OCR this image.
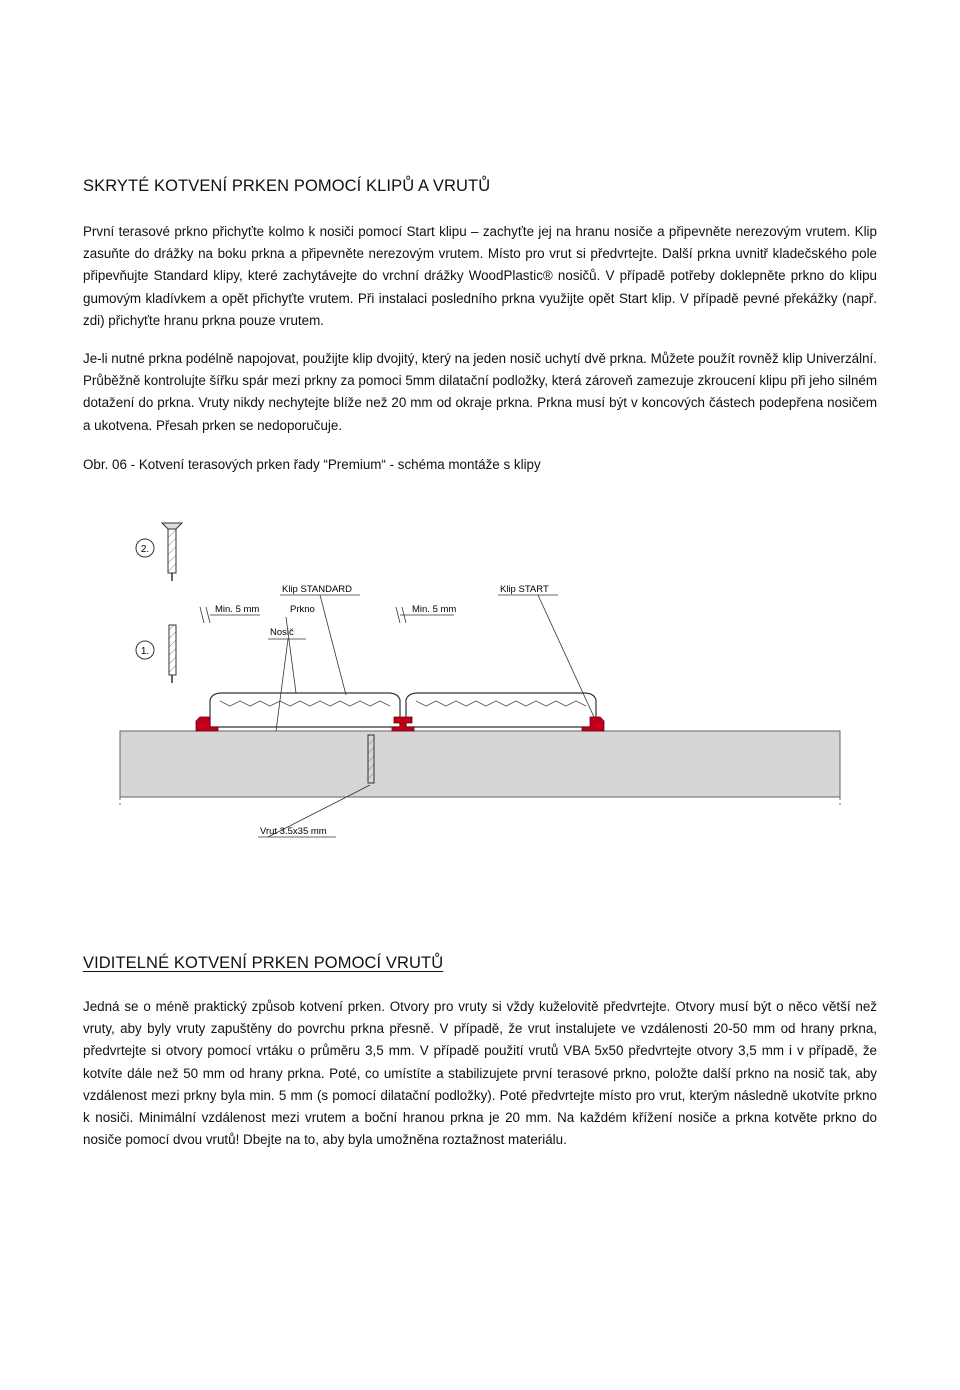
SKRYTÉ KOTVENÍ PRKEN POMOCÍ KLIPŮ A VRUTŮ

První terasové prkno přichyťte kolmo k nosiči pomocí Start klipu – zachyťte jej na hranu nosiče a připevněte nerezovým vrutem. Klip zasuňte do drážky na boku prkna a připevněte nerezovým vrutem. Místo pro vrut si předvrtejte. Další prkna uvnitř kladečského pole připevňujte Standard klipy, které zachytávejte do vrchní drážky WoodPlastic® nosičů. V případě potřeby doklepněte prkno do klipu gumovým kladívkem a opět přichyťte vrutem. Při instalaci posledního prkna využijte opět Start klip. V případě pevné překážky (např. zdi) přichyťte hranu prkna pouze vrutem.

Je-li nutné prkna podélně napojovat, použijte klip dvojitý, který na jeden nosič uchytí dvě prkna. Můžete použít rovněž klip Univerzální. Průběžně kontrolujte šířku spár mezi prkny za pomoci 5mm dilatační podložky, která zároveň zamezuje zkroucení klipu při jeho silném dotažení do prkna. Vruty nikdy nechytejte blíže než 20 mm od okraje prkna. Prkna musí být v koncových částech podepřena nosičem a ukotvena. Přesah prken se nedoporučuje.

Obr. 06 - Kotvení terasových prken řady “Premium“ - schéma montáže s klipy

2.
1.
Klip STANDARD	Klip START
Min. 5 mm	Min. 5 mm
Prkno
Nosič
Vrut 3.5x35 mm
VIDITELNÉ KOTVENÍ PRKEN POMOCÍ VRUTŮ

Jedná se o méně praktický způsob kotvení prken. Otvory pro vruty si vždy kuželovitě předvrtejte. Otvory musí být o něco větší než vruty, aby byly vruty zapuštěny do povrchu prkna přesně. V případě, že vrut instalujete ve vzdálenosti 20-50 mm od hrany prkna, předvrtejte si otvory pomocí vrtáku o průměru 3,5 mm. V případě použití vrutů VBA 5x50 předvrtejte otvory 3,5 mm i v případě, že kotvíte dále než 50 mm od hrany prkna. Poté, co umístíte a stabilizujete první terasové prkno, položte další prkno na nosič tak, aby vzdálenost mezi prkny byla min. 5 mm (s pomocí dilatační podložky). Poté předvrtejte místo pro vrut, kterým následně ukotvíte prkno k nosiči. Minimální vzdálenost mezi vrutem a boční hranou prkna je 20 mm. Na každém křížení nosiče a prkna kotvěte prkno do nosiče pomocí dvou vrutů! Dbejte na to, aby byla umožněna roztažnost materiálu.
